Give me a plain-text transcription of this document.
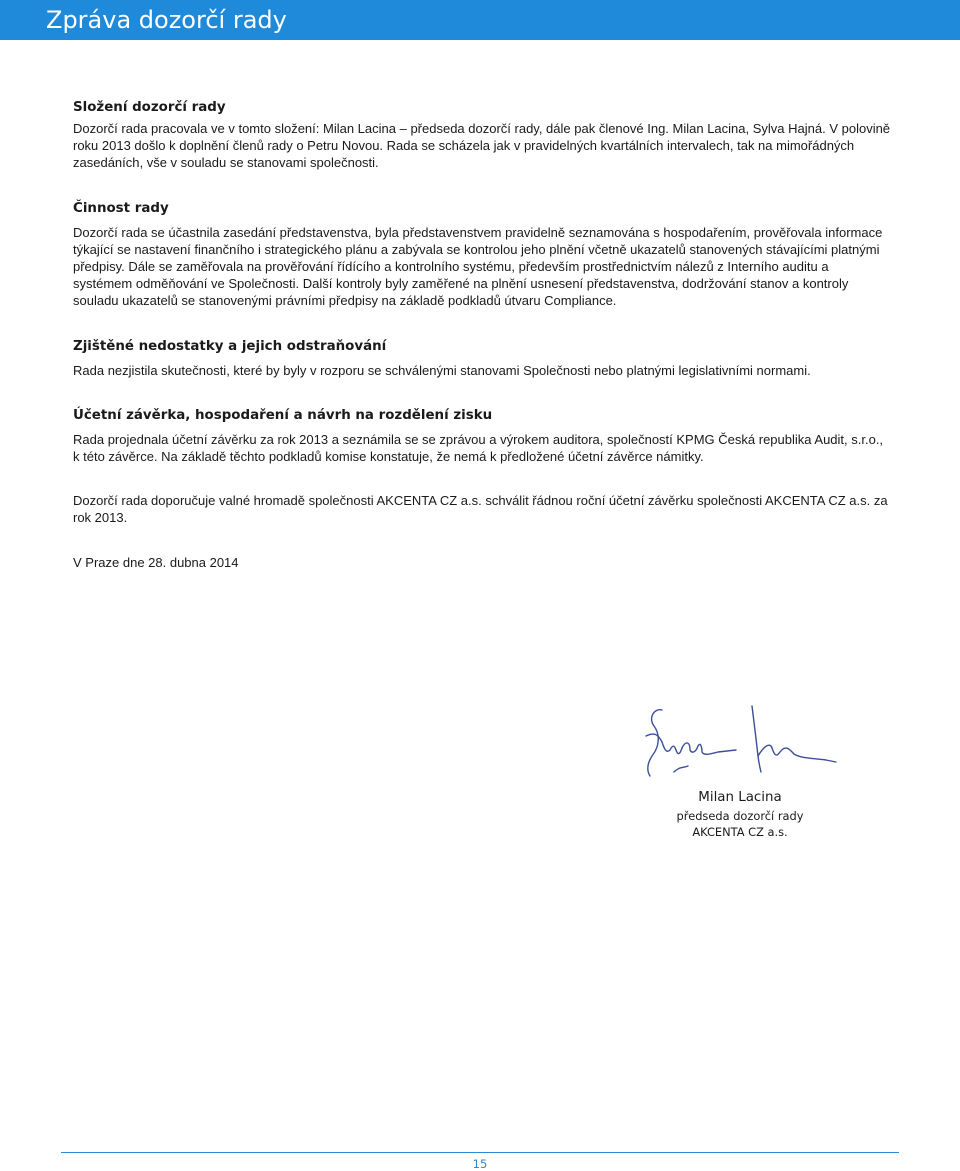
Zpráva dozorčí rady
Složení dozorčí rady

Dozorčí rada pracovala ve v tomto složení: Milan Lacina – předseda dozorčí rady, dále pak členové Ing. Milan Lacina, Sylva Hajná. V polovině roku 2013 došlo k doplnění členů rady o Petru Novou. Rada se scházela jak v pravidelných kvartálních intervalech, tak na mimořádných zasedáních, vše v souladu se stanovami společnosti.

Činnost rady

Dozorčí rada se účastnila zasedání představenstva, byla představenstvem pravidelně seznamována s hospodařením, prověřovala informace týkající se nastavení finančního i strategického plánu a zabývala se kontrolou jeho plnění včetně ukazatelů stanovených stávajícími platnými předpisy. Dále se zaměřovala na prověřování řídícího a kontrolního systému, především prostřednictvím nálezů z Interního auditu a systémem odměňování ve Společnosti. Další kontroly byly zaměřené na plnění usnesení představenstva, dodržování stanov a kontroly souladu ukazatelů se stanovenými právními předpisy na základě podkladů útvaru Compliance.

Zjištěné nedostatky a jejich odstraňování

Rada nezjistila skutečnosti, které by byly v rozporu se schválenými stanovami Společnosti nebo platnými legislativními normami.

Účetní závěrka, hospodaření a návrh na rozdělení zisku

Rada projednala účetní závěrku za rok 2013 a seznámila se se zprávou a výrokem auditora, společností KPMG Česká republika Audit, s.r.o., k této závěrce. Na základě těchto podkladů komise konstatuje, že nemá k předložené účetní závěrce námitky.

Dozorčí rada doporučuje valné hromadě společnosti AKCENTA CZ a.s. schválit řádnou roční účetní závěrku společnosti AKCENTA CZ a.s. za rok 2013.

V Praze dne 28. dubna 2014

Milan Lacina
předseda dozorčí rady
AKCENTA CZ a.s.
15
